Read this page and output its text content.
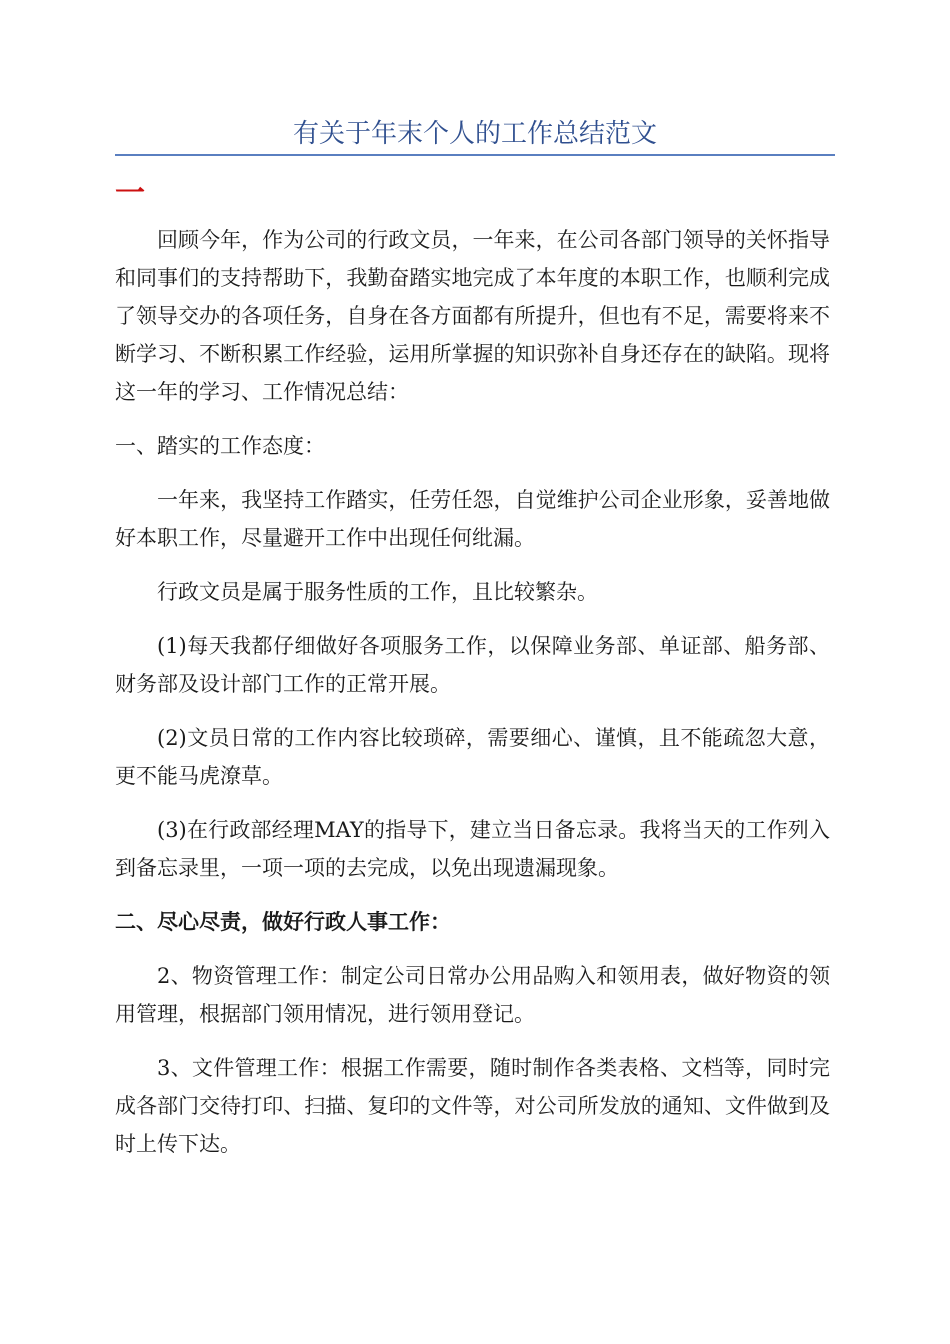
有关于年末个人的工作总结范文
一

回顾今年，作为公司的行政文员，一年来，在公司各部门领导的关怀指导和同事们的支持帮助下，我勤奋踏实地完成了本年度的本职工作，也顺利完成了领导交办的各项任务，自身在各方面都有所提升，但也有不足，需要将来不断学习、不断积累工作经验，运用所掌握的知识弥补自身还存在的缺陷。现将这一年的学习、工作情况总结：

一、踏实的工作态度：

一年来，我坚持工作踏实，任劳任怨，自觉维护公司企业形象，妥善地做好本职工作，尽量避开工作中出现任何纰漏。

行政文员是属于服务性质的工作，且比较繁杂。

(1)每天我都仔细做好各项服务工作，以保障业务部、单证部、船务部、财务部及设计部门工作的正常开展。

(2)文员日常的工作内容比较琐碎，需要细心、谨慎，且不能疏忽大意，更不能马虎潦草。

(3)在行政部经理MAY的指导下，建立当日备忘录。我将当天的工作列入到备忘录里，一项一项的去完成，以免出现遗漏现象。

二、尽心尽责，做好行政人事工作：

2、物资管理工作：制定公司日常办公用品购入和领用表，做好物资的领用管理，根据部门领用情况，进行领用登记。

3、文件管理工作：根据工作需要，随时制作各类表格、文档等，同时完成各部门交待打印、扫描、复印的文件等，对公司所发放的通知、文件做到及时上传下达。
